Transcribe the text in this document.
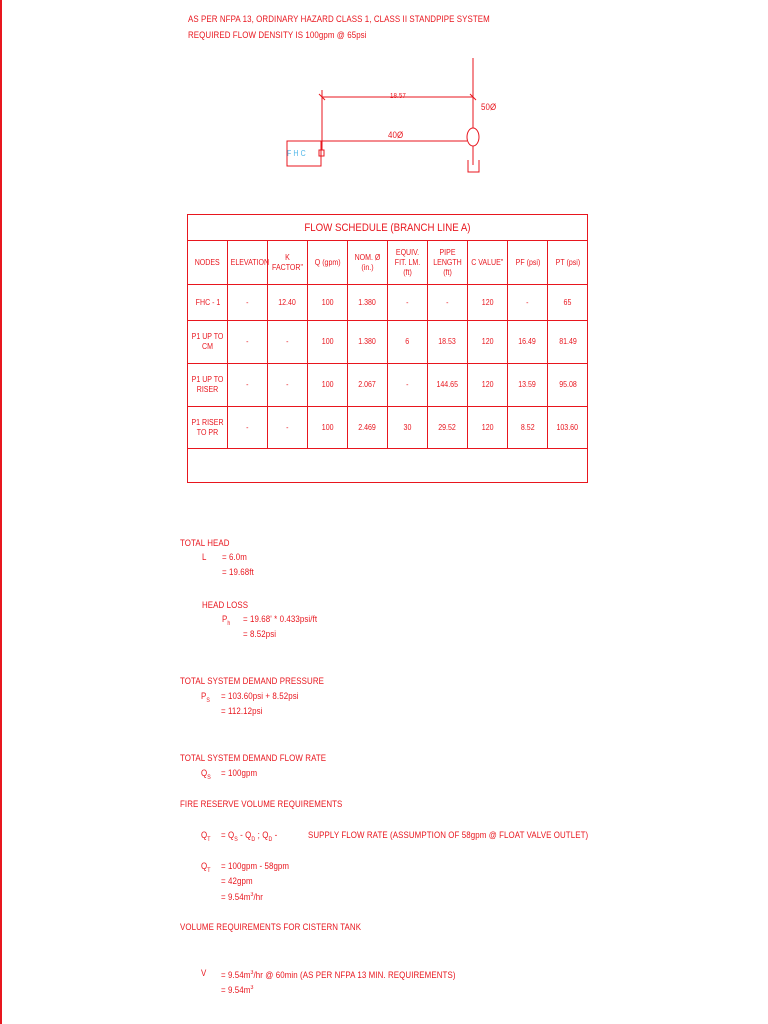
AS PER NFPA 13, ORDINARY HAZARD CLASS 1, CLASS II STANDPIPE SYSTEM
REQUIRED FLOW DENSITY IS 100gpm @ 65psi
18.57
50Ø
40Ø
F H C
FLOW SCHEDULE (BRANCH LINE A)									
NODES	ELEVATION	K FACTOR"	Q (gpm)	NOM. Ø (in.)	EQUIV. FIT. LM. (ft)	PIPE LENGTH (ft)	C VALUE"	PF (psi)	PT (psi)
FHC - 1	-	12.40	100	1.380	-	-	120	-	65
P1 UP TO CM	-	-	100	1.380	6	18.53	120	16.49	81.49
P1 UP TO RISER	-	-	100	2.067	-	144.65	120	13.59	95.08
P1 RISER TO PR	-	-	100	2.469	30	29.52	120	8.52	103.60

TOTAL HEAD
L = 6.0m
= 19.68ft
HEAD LOSS
$P_h = 19.68' * 0.433psi/ft$
= 8.52psi
TOTAL SYSTEM DEMAND PRESSURE
$P_S = 103.60psi + 8.52psi$
= 112.12psi
TOTAL SYSTEM DEMAND FLOW RATE
$Q_S = 100gpm$
FIRE RESERVE VOLUME REQUIREMENTS
$Q_T = Q_S - Q_D$ ; $Q_D$ -	SUPPLY FLOW RATE (ASSUMPTION OF 58gpm @ FLOAT VALVE OUTLET)
$Q_T = 100gpm - 58gpm$
= 42gpm
= $9.54m^3/hr$
VOLUME REQUIREMENTS FOR CISTERN TANK
$V = 9.54m^3/hr$ @ 60min (AS PER NFPA 13 MIN. REQUIREMENTS)
= $9.54m^3$
